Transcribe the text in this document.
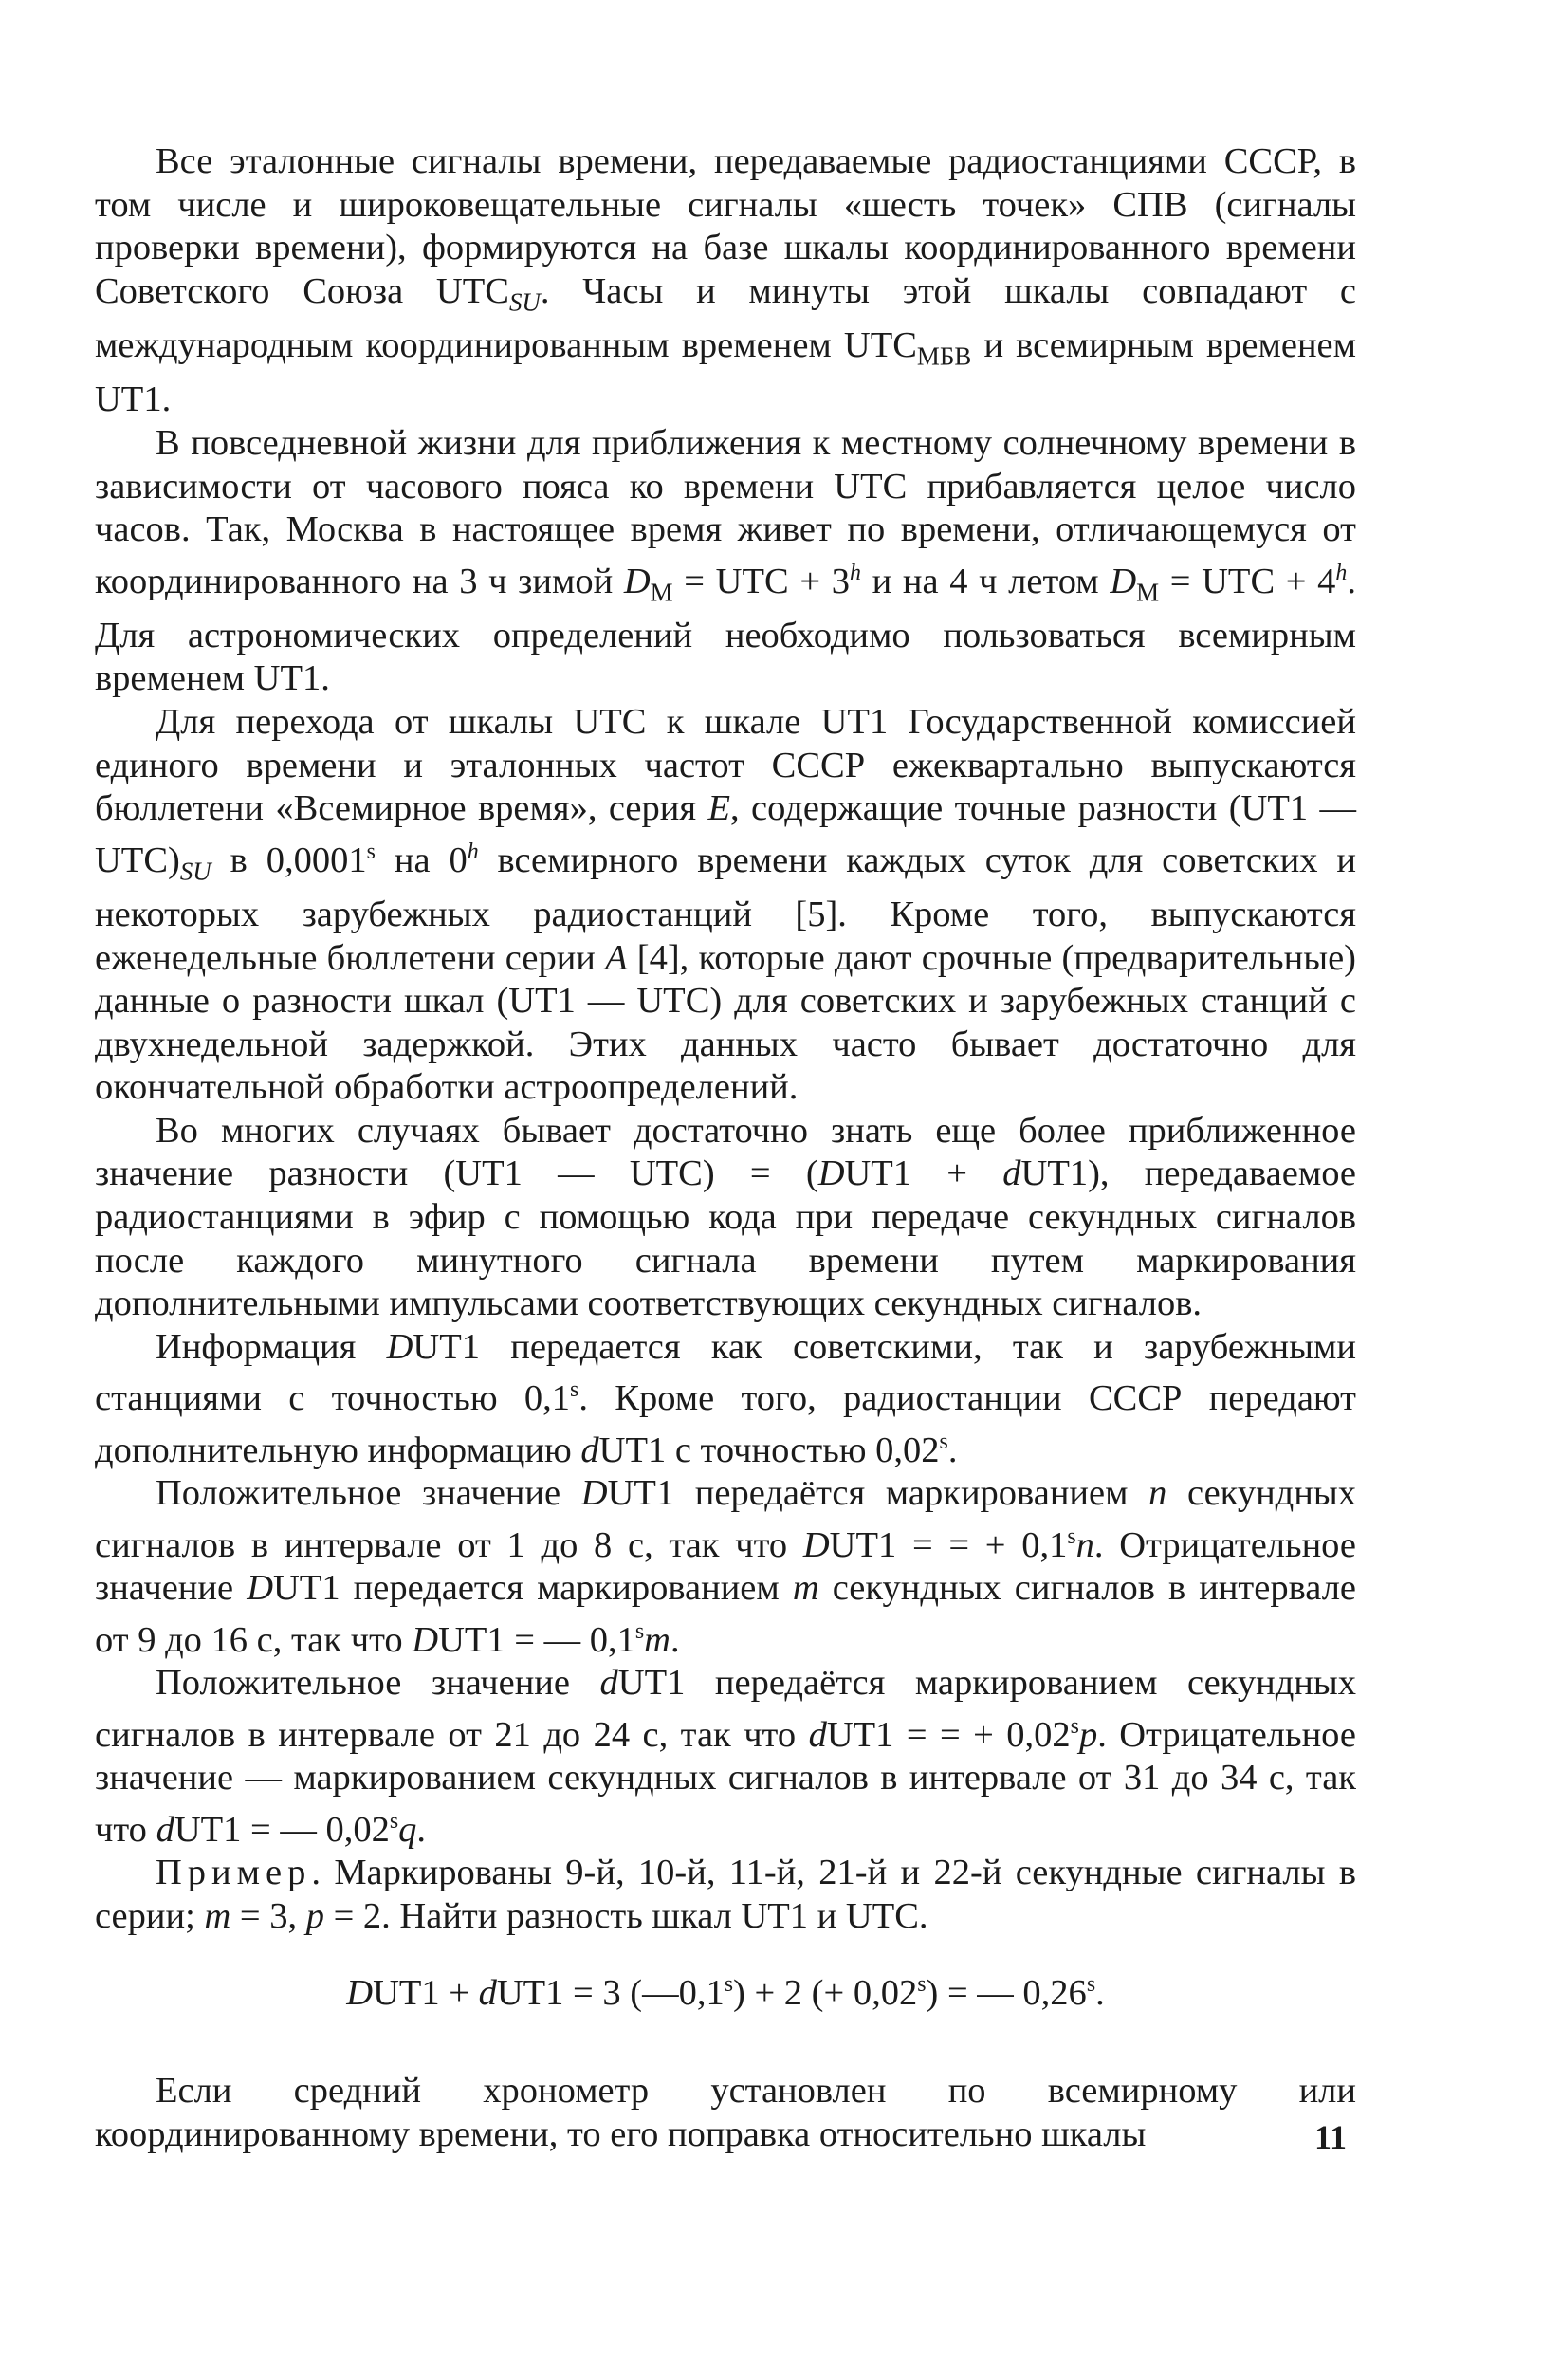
Все эталонные сигналы времени, передаваемые радиостанциями СССР, в том числе и широковещательные сигналы «шесть точек» СПВ (сигналы проверки времени), формируются на базе шкалы координированного времени Советского Союза $UTC_{SU}$. Часы и минуты этой шкалы совпадают с международным координированным временем $UTC_{МБВ}$ и всемирным временем UT1.

В повседневной жизни для приближения к местному солнечному времени в зависимости от часового пояса ко времени UTC прибавляется целое число часов. Так, Москва в настоящее время живет по времени, отличающемуся от координированного на 3 ч зимой $D_М$ = UTC + $3^h$ и на 4 ч летом $D_М$ = UTC + $4^h$. Для астрономических определений необходимо пользоваться всемирным временем UT1.

Для перехода от шкалы UTC к шкале UT1 Государственной комиссией единого времени и эталонных частот СССР ежеквартально выпускаются бюллетени «Всемирное время», серия E, содержащие точные разности (UT1 — $UTC)_{SU}$ в 0,0001$^s$ на 0$^h$ всемирного времени каждых суток для советских и некоторых зарубежных радиостанций [5]. Кроме того, выпускаются еженедельные бюллетени серии A [4], которые дают срочные (предварительные) данные о разности шкал (UT1 — UTC) для советских и зарубежных станций с двухнедельной задержкой. Этих данных часто бывает достаточно для окончательной обработки астроопределений.

Во многих случаях бывает достаточно знать еще более приближенное значение разности (UT1 — UTC) = (DUT1 + dUT1), передаваемое радиостанциями в эфир с помощью кода при передаче секундных сигналов после каждого минутного сигнала времени путем маркирования дополнительными импульсами соответствующих секундных сигналов.

Информация DUT1 передается как советскими, так и зарубежными станциями с точностью 0,1$^s$. Кроме того, радиостанции СССР передают дополнительную информацию dUT1 с точностью 0,02$^s$.

Положительное значение DUT1 передаётся маркированием n секундных сигналов в интервале от 1 до 8 с, так что DUT1 = = + $0,1^sn$. Отрицательное значение DUT1 передается маркированием m секундных сигналов в интервале от 9 до 16 с, так что DUT1 = — 0,1$^s$m.

Положительное значение dUT1 передаётся маркированием секундных сигналов в интервале от 21 до 24 с, так что dUT1 = = + $0,02^sp$. Отрицательное значение — маркированием секундных сигналов в интервале от 31 до 34 с, так что dUT1 = — 0,02$^s$q.

Пример. Маркированы 9-й, 10-й, 11-й, 21-й и 22-й секундные сигналы в серии; m = 3, p = 2. Найти разность шкал UT1 и UTC.

DUT1 + dUT1 = 3 $(—0,1^s) + 2$ (+ $0,02^s$) = — 0,26$^s$.

Если средний хронометр установлен по всемирному или координированному времени, то его поправка относительно шкалы	11
